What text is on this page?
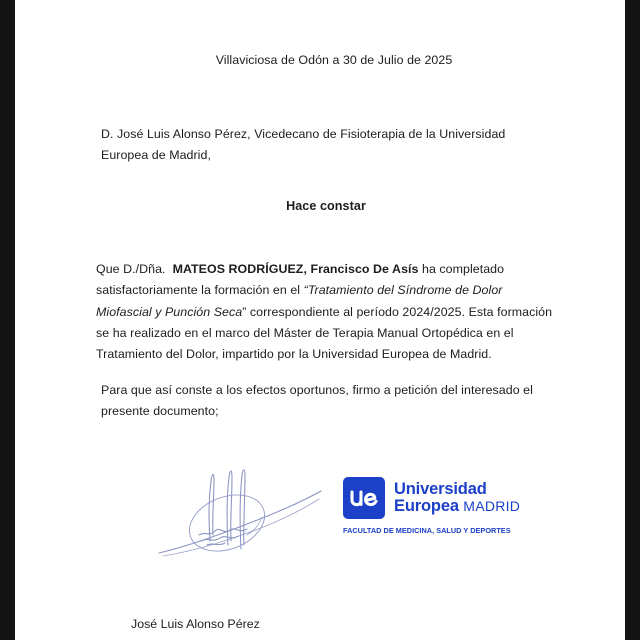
Villaviciosa de Odón a 30 de Julio de 2025
D. José Luis Alonso Pérez, Vicedecano de Fisioterapia de la Universidad Europea de Madrid,
Hace constar
Que D./Dña. MATEOS RODRÍGUEZ, Francisco De Asís ha completado satisfactoriamente la formación en el “Tratamiento del Síndrome de Dolor Miofascial y Punción Seca” correspondiente al período 2024/2025. Esta formación se ha realizado en el marco del Máster de Terapia Manual Ortopédica en el Tratamiento del Dolor, impartido por la Universidad Europea de Madrid.
Para que así conste a los efectos oportunos, firmo a petición del interesado el presente documento;
Universidad
Europea MADRID
FACULTAD DE MEDICINA, SALUD Y DEPORTES
José Luis Alonso Pérez
